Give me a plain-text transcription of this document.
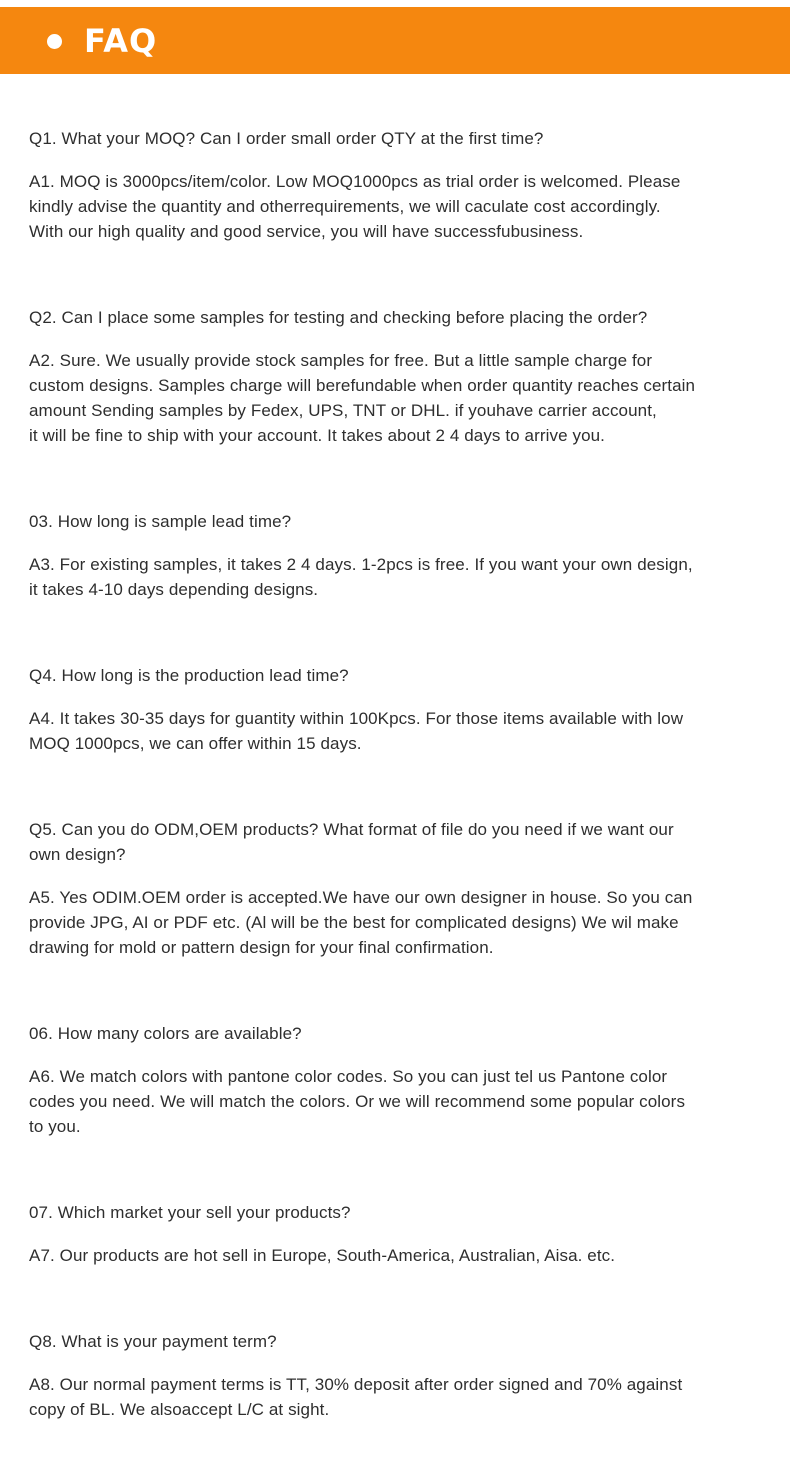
FAQ

Q1. What your MOQ? Can I order small order QTY at the first time?

A1. MOQ is 3000pcs/item/color. Low MOQ1000pcs as trial order is welcomed. Please
kindly advise the quantity and otherrequirements, we will caculate cost accordingly.
With our high quality and good service, you will have successfubusiness.

Q2. Can I place some samples for testing and checking before placing the order?

A2. Sure. We usually provide stock samples for free. But a little sample charge for
custom designs. Samples charge will berefundable when order quantity reaches certain
amount Sending samples by Fedex, UPS, TNT or DHL. if youhave carrier account,
it will be fine to ship with your account. It takes about 2 4 days to arrive you.

03. How long is sample lead time?

A3. For existing samples, it takes 2 4 days. 1-2pcs is free. If you want your own design,
it takes 4-10 days depending designs.

Q4. How long is the production lead time?

A4. It takes 30-35 days for guantity within 100Kpcs. For those items available with low
MOQ 1000pcs, we can offer within 15 days.

Q5. Can you do ODM,OEM products? What format of file do you need if we want our
own design?

A5. Yes ODIM.OEM order is accepted.We have our own designer in house. So you can
provide JPG, AI or PDF etc. (Al will be the best for complicated designs) We wil make
drawing for mold or pattern design for your final confirmation.

06. How many colors are available?

A6. We match colors with pantone color codes. So you can just tel us Pantone color
codes you need. We will match the colors. Or we will recommend some popular colors
to you.

07. Which market your sell your products?

A7. Our products are hot sell in Europe, South-America, Australian, Aisa. etc.

Q8. What is your payment term?

A8. Our normal payment terms is TT, 30% deposit after order signed and 70% against
copy of BL. We alsoaccept L/C at sight.
